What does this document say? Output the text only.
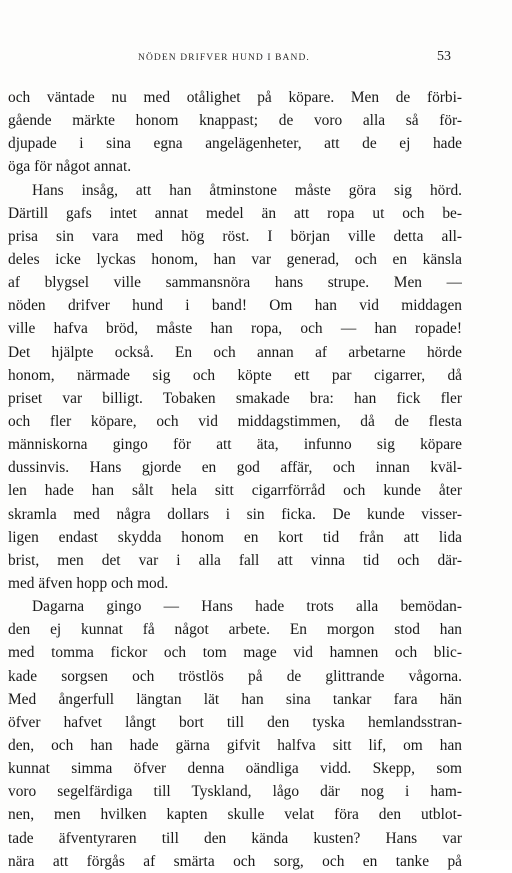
NÖDEN DRIFVER HUND I BAND.	53
och väntade nu med otålighet på köpare. Men de förbi-
gående märkte honom knappast; de voro alla så för-
djupade i sina egna angelägenheter, att de ej hade
öga för något annat.
Hans insåg, att han åtminstone måste göra sig hörd.
Därtill gafs intet annat medel än att ropa ut och be-
prisa sin vara med hög röst. I början ville detta all-
deles icke lyckas honom, han var generad, och en känsla
af blygsel ville sammansnöra hans strupe. Men —
nöden drifver hund i band! Om han vid middagen
ville hafva bröd, måste han ropa, och — han ropade!
Det hjälpte också. En och annan af arbetarne hörde
honom, närmade sig och köpte ett par cigarrer, då
priset var billigt. Tobaken smakade bra: han fick fler
och fler köpare, och vid middagstimmen, då de flesta
människorna gingo för att äta, infunno sig köpare
dussinvis. Hans gjorde en god affär, och innan kväl-
len hade han sålt hela sitt cigarrförråd och kunde åter
skramla med några dollars i sin ficka. De kunde visser-
ligen endast skydda honom en kort tid från att lida
brist, men det var i alla fall att vinna tid och där-
med äfven hopp och mod.
Dagarna gingo — Hans hade trots alla bemödan-
den ej kunnat få något arbete. En morgon stod han
med tomma fickor och tom mage vid hamnen och blic-
kade sorgsen och tröstlös på de glittrande vågorna.
Med ångerfull längtan lät han sina tankar fara hän
öfver hafvet långt bort till den tyska hemlandsstran-
den, och han hade gärna gifvit halfva sitt lif, om han
kunnat simma öfver denna oändliga vidd. Skepp, som
voro segelfärdiga till Tyskland, lågo där nog i ham-
nen, men hvilken kapten skulle velat föra den utblot-
tade äfventyraren till den kända kusten? Hans var
nära att förgås af smärta och sorg, och en tanke på
